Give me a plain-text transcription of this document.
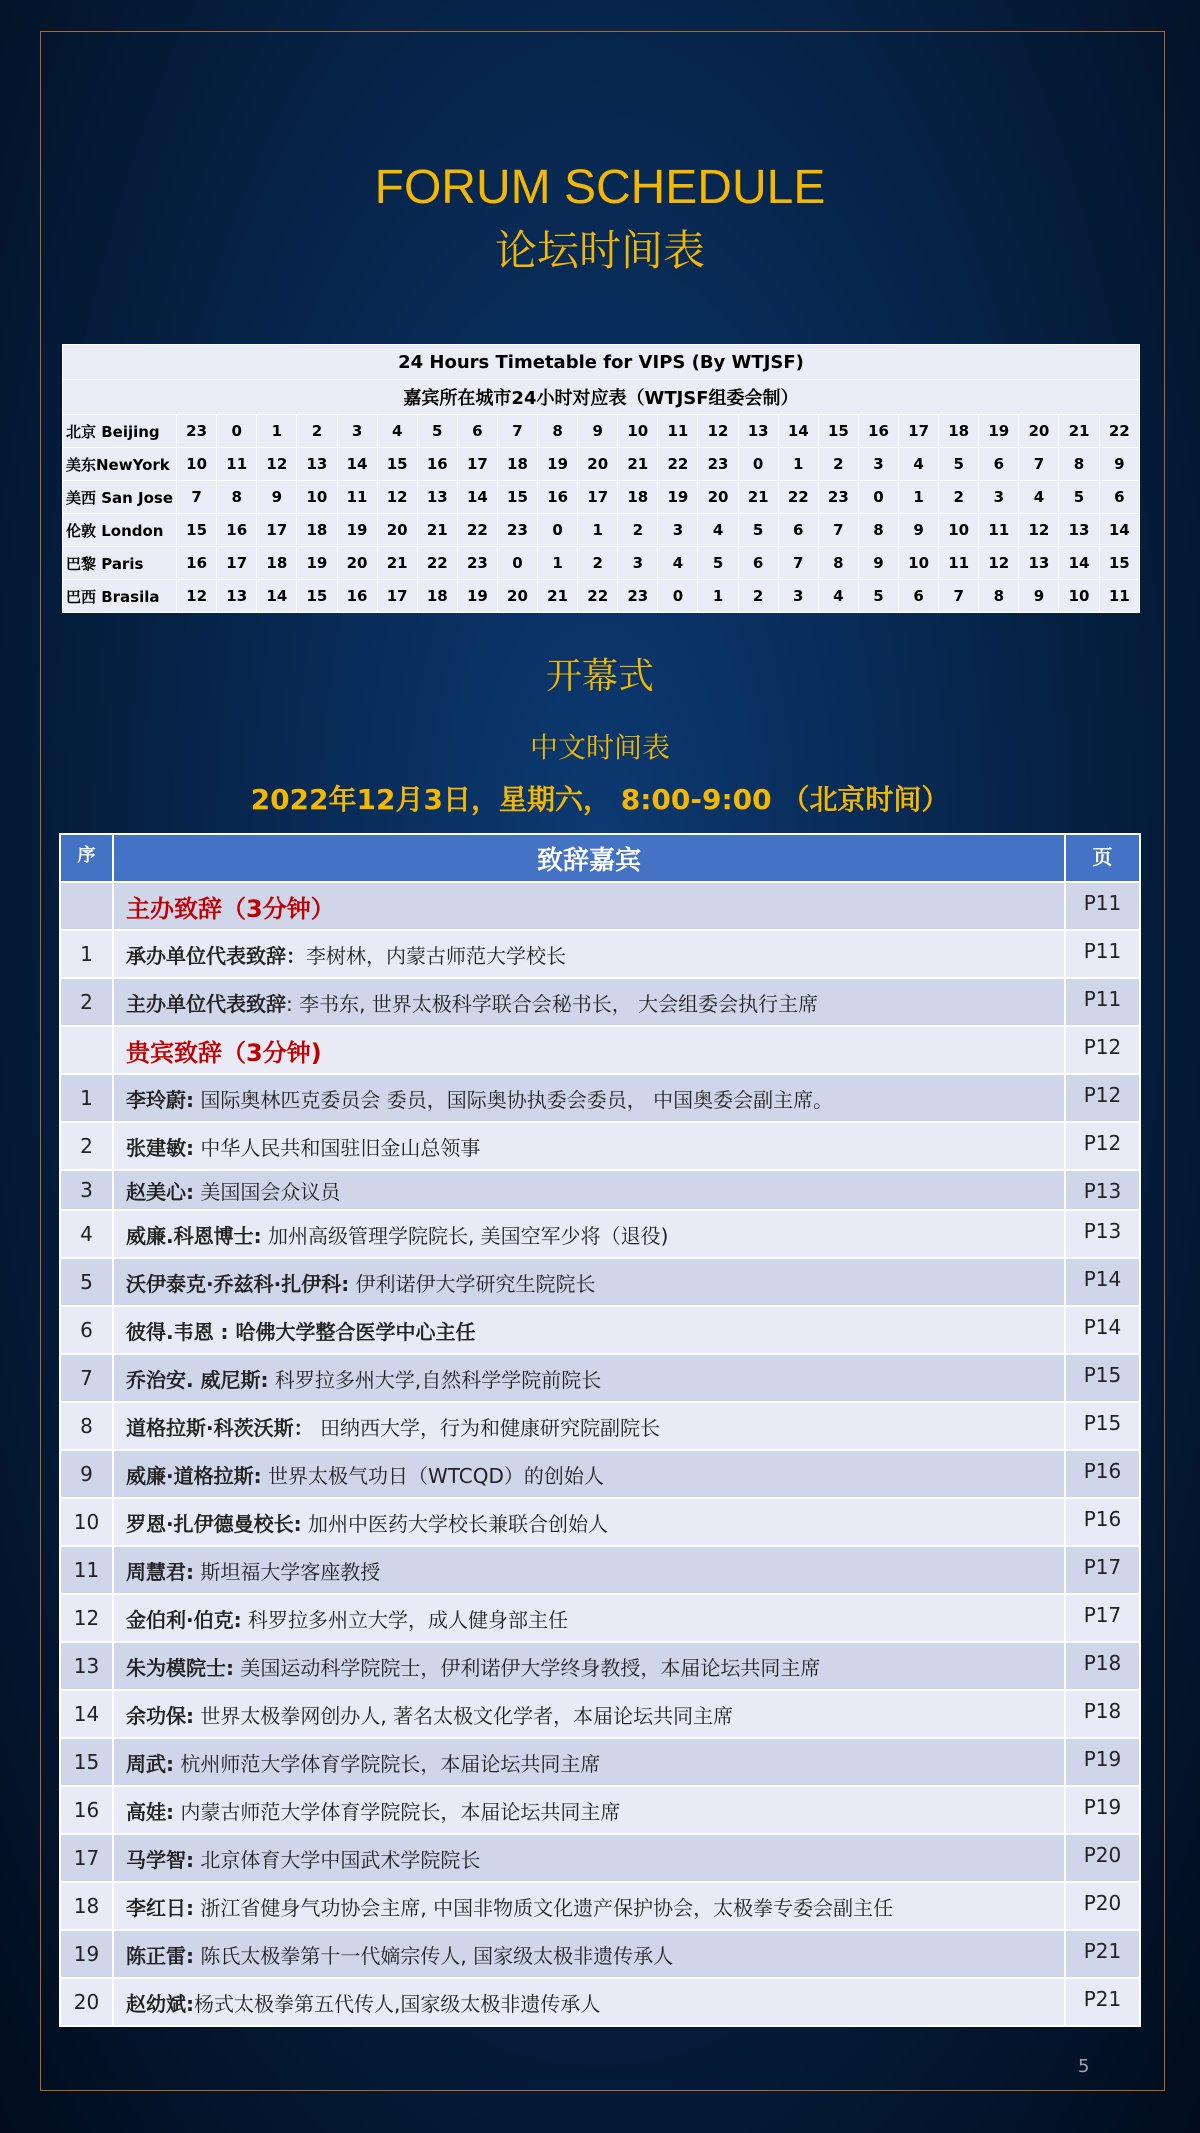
FORUM SCHEDULE
论坛时间表
24 Hours Timetable for VIPS (By WTJSF)																								
嘉宾所在城市24小时对应表（WTJSF组委会制）																								
北京 Beijing	23	0	1	2	3	4	5	6	7	8	9	10	11	12	13	14	15	16	17	18	19	20	21	22
美东NewYork	10	11	12	13	14	15	16	17	18	19	20	21	22	23	0	1	2	3	4	5	6	7	8	9
美西 San Jose	7	8	9	10	11	12	13	14	15	16	17	18	19	20	21	22	23	0	1	2	3	4	5	6
伦敦 London	15	16	17	18	19	20	21	22	23	0	1	2	3	4	5	6	7	8	9	10	11	12	13	14
巴黎 Paris	16	17	18	19	20	21	22	23	0	1	2	3	4	5	6	7	8	9	10	11	12	13	14	15
巴西 Brasila	12	13	14	15	16	17	18	19	20	21	22	23	0	1	2	3	4	5	6	7	8	9	10	11
开幕式
中文时间表
2022年12月3日，星期六， 8:00-9:00 （北京时间）
序	致辞嘉宾	页
	主办致辞（3分钟）	P11
1	承办单位代表致辞：李树林，内蒙古师范大学校长	P11
2	主办单位代表致辞: 李书东, 世界太极科学联合会秘书长， 大会组委会执行主席	P11
	贵宾致辞（3分钟)	P12
1	李玲蔚: 国际奥林匹克委员会 委员，国际奥协执委会委员， 中国奥委会副主席。	P12
2	张建敏: 中华人民共和国驻旧金山总领事	P12
3	赵美心: 美国国会众议员	P13
4	威廉.科恩博士: 加州高级管理学院院长, 美国空军少将（退役)	P13
5	沃伊泰克·乔兹科·扎伊科: 伊利诺伊大学研究生院院长	P14
6	彼得.韦恩 : 哈佛大学整合医学中心主任	P14
7	乔治安. 威尼斯: 科罗拉多州大学,自然科学学院前院长	P15
8	道格拉斯·科茨沃斯： 田纳西大学，行为和健康研究院副院长	P15
9	威廉·道格拉斯: 世界太极气功日（WTCQD）的创始人	P16
10	罗恩·扎伊德曼校长: 加州中医药大学校长兼联合创始人	P16
11	周慧君: 斯坦福大学客座教授	P17
12	金伯利·伯克: 科罗拉多州立大学，成人健身部主任	P17
13	朱为模院士: 美国运动科学院院士，伊利诺伊大学终身教授，本届论坛共同主席	P18
14	余功保: 世界太极拳网创办人, 著名太极文化学者，本届论坛共同主席	P18
15	周武: 杭州师范大学体育学院院长，本届论坛共同主席	P19
16	高娃: 内蒙古师范大学体育学院院长，本届论坛共同主席	P19
17	马学智: 北京体育大学中国武术学院院长	P20
18	李红日: 浙江省健身气功协会主席, 中国非物质文化遗产保护协会，太极拳专委会副主任	P20
19	陈正雷: 陈氏太极拳第十一代嫡宗传人, 国家级太极非遗传承人	P21
20	赵幼斌:杨式太极拳第五代传人,国家级太极非遗传承人	P21
5
